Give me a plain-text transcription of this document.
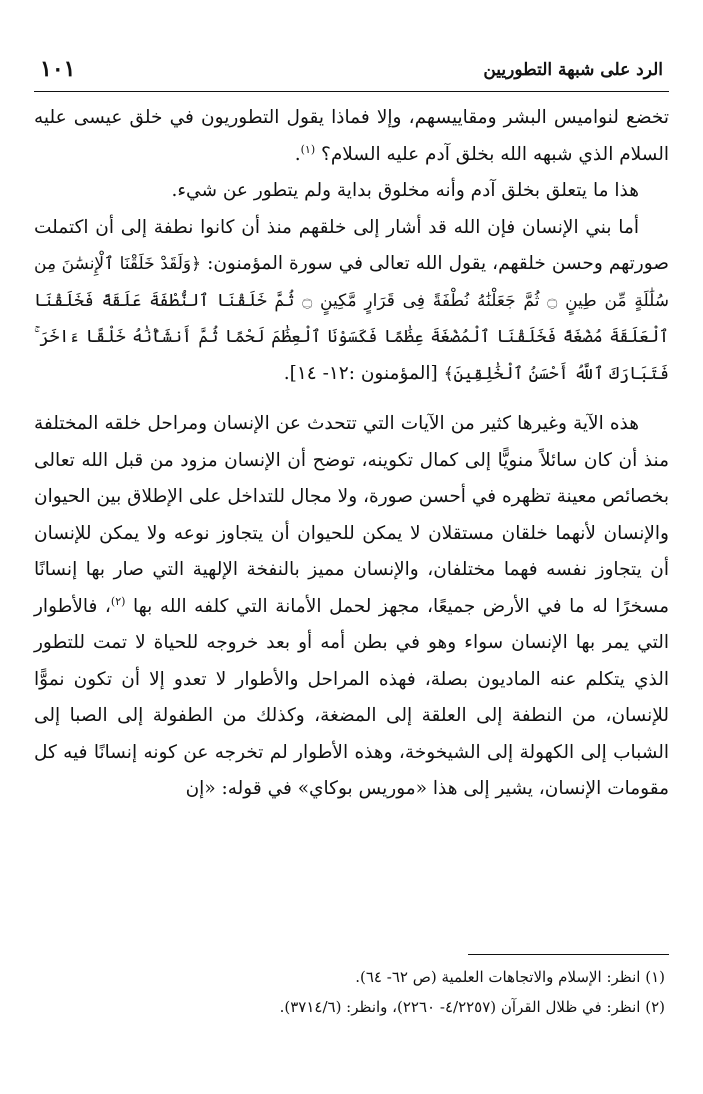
الرد على شبهة التطوريين
١٠١

تخضع لنواميس البشر ومقاييسهم، وإلا فماذا يقول التطوريون في خلق عيسى عليه السلام الذي شبهه الله بخلق آدم عليه السلام؟ $^{(١)}$.

هذا ما يتعلق بخلق آدم وأنه مخلوق بداية ولم يتطور عن شيء.

أما بني الإنسان فإن الله قد أشار إلى خلقهم منذ أن كانوا نطفة إلى أن اكتملت صورتهم وحسن خلقهم، يقول الله تعالى في سورة المؤمنون: ﴿وَلَقَدْ خَلَقْنَا ٱلْإِنسَٰنَ مِن سُلَٰلَةٍ مِّن طِينٍ ۝ ثُمَّ جَعَلْنَٰهُ نُطْفَةً فِى قَرَارٍ مَّكِينٍ ۝ ثُمَّ خَلَقْنَا ٱلنُّطْفَةَ عَلَقَةً فَخَلَقْنَا ٱلْعَلَقَةَ مُضْغَةً فَخَلَقْنَا ٱلْمُضْغَةَ عِظَٰمًا فَكَسَوْنَا ٱلْعِظَٰمَ لَحْمًا ثُمَّ أَنشَأْنَٰهُ خَلْقًا ءَاخَرَ ۚ فَتَبَارَكَ ٱللَّهُ أَحْسَنُ ٱلْخَٰلِقِينَ﴾ [المؤمنون :١٢- ١٤].

هذه الآية وغيرها كثير من الآيات التي تتحدث عن الإنسان ومراحل خلقه المختلفة منذ أن كان سائلاً منويًّا إلى كمال تكوينه، توضح أن الإنسان مزود من قبل الله تعالى بخصائص معينة تظهره في أحسن صورة، ولا مجال للتداخل على الإطلاق بين الحيوان والإنسان لأنهما خلقان مستقلان لا يمكن للحيوان أن يتجاوز نوعه ولا يمكن للإنسان أن يتجاوز نفسه فهما مختلفان، والإنسان مميز بالنفخة الإلهية التي صار بها إنسانًا مسخرًا له ما في الأرض جميعًا، مجهز لحمل الأمانة التي كلفه الله بها $^{(٢)}$، فالأطوار التي يمر بها الإنسان سواء وهو في بطن أمه أو بعد خروجه للحياة لا تمت للتطور الذي يتكلم عنه الماديون بصلة، فهذه المراحل والأطوار لا تعدو إلا أن تكون نموًّا للإنسان، من النطفة إلى العلقة إلى المضغة، وكذلك من الطفولة إلى الصبا إلى الشباب إلى الكهولة إلى الشيخوخة، وهذه الأطوار لم تخرجه عن كونه إنسانًا فيه كل مقومات الإنسان، يشير إلى هذا «موريس بوكاي» في قوله: «إن

(١) انظر: الإسلام والاتجاهات العلمية (ص ٦٢- ٦٤).

(٢) انظر: في ظلال القرآن (٤/٢٢٥٧- ٢٢٦٠)، وانظر: (٣٧١٤/٦).
